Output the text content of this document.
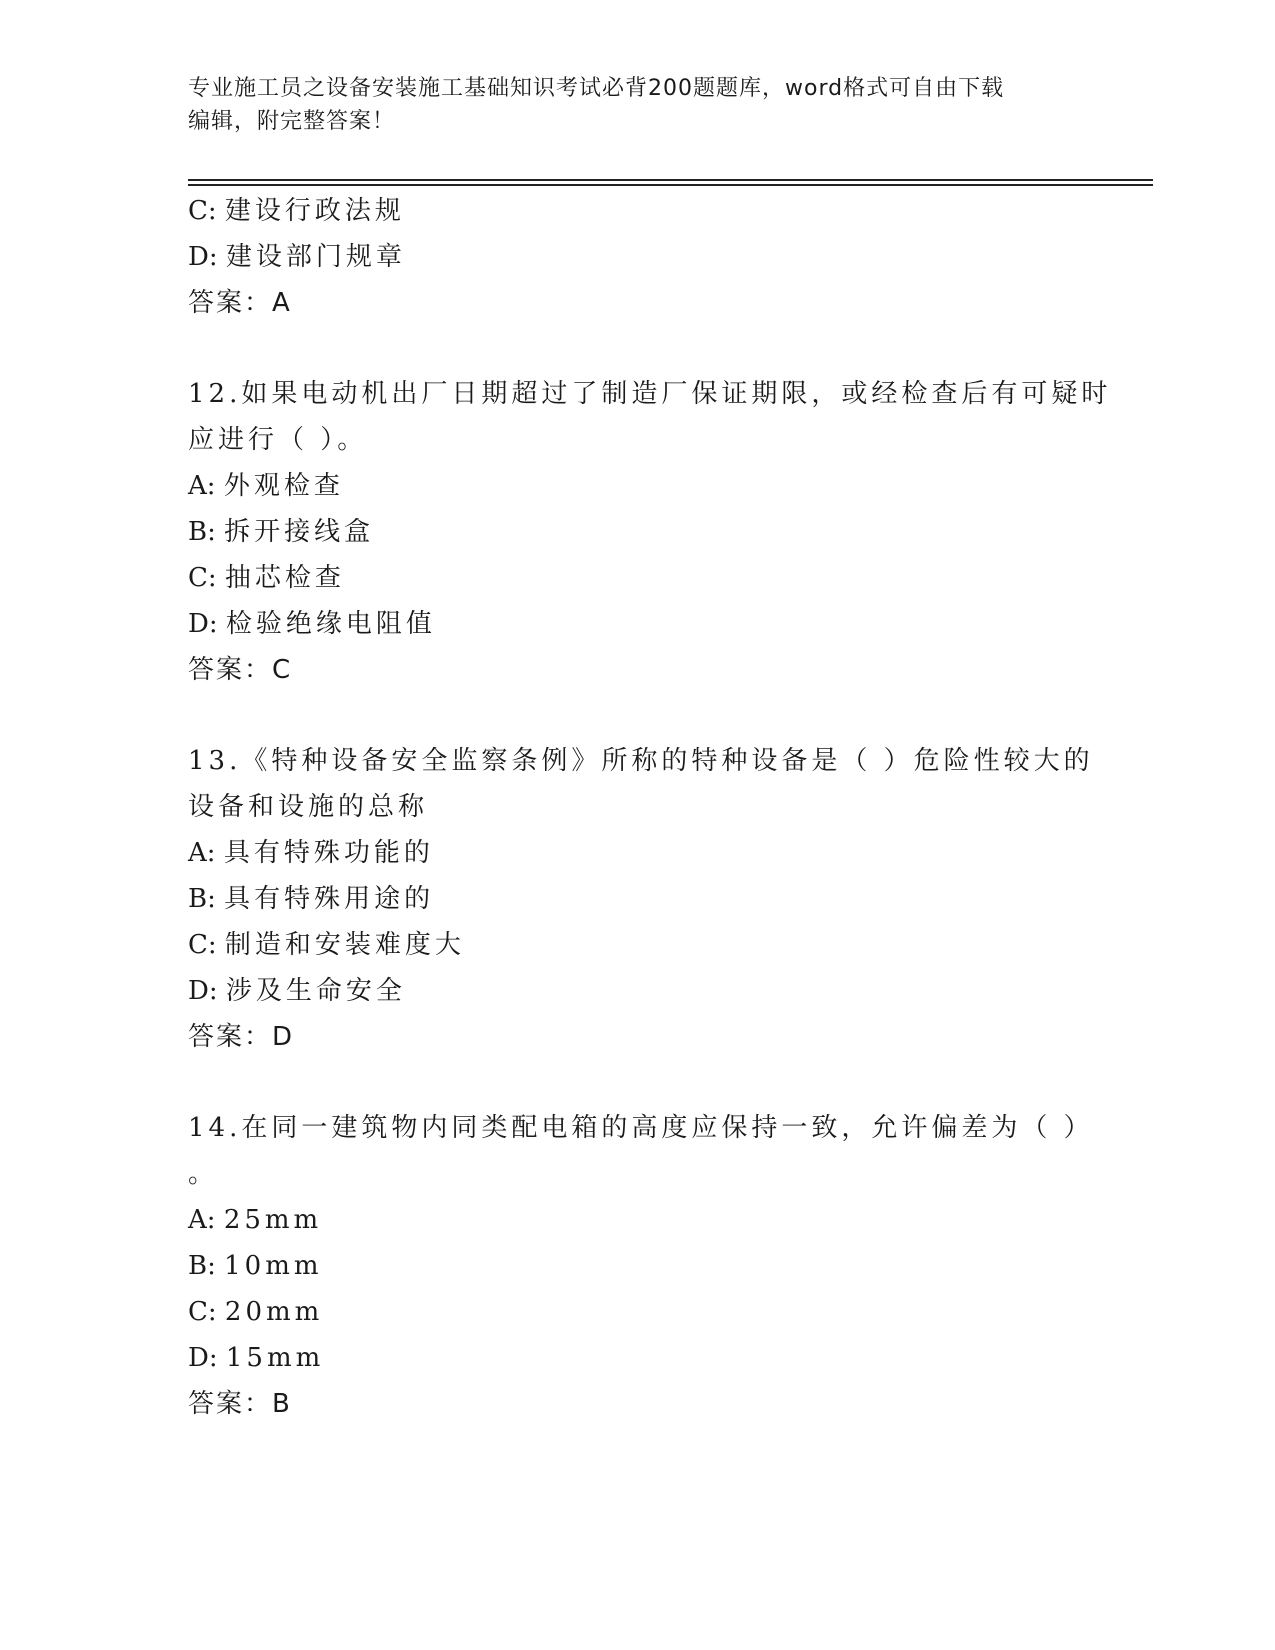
专业施工员之设备安装施工基础知识考试必背200题题库，word格式可自由下载
编辑，附完整答案！
C: 建设行政法规
D: 建设部门规章
答案：A
12.如果电动机出厂日期超过了制造厂保证期限，或经检查后有可疑时
应进行（ ）。
A: 外观检查
B: 拆开接线盒
C: 抽芯检查
D: 检验绝缘电阻值
答案：C
13.《特种设备安全监察条例》所称的特种设备是（ ）危险性较大的
设备和设施的总称
A: 具有特殊功能的
B: 具有特殊用途的
C: 制造和安装难度大
D: 涉及生命安全
答案：D
14.在同一建筑物内同类配电箱的高度应保持一致，允许偏差为（ ）
。
A: 25mm
B: 10mm
C: 20mm
D: 15mm
答案：B
